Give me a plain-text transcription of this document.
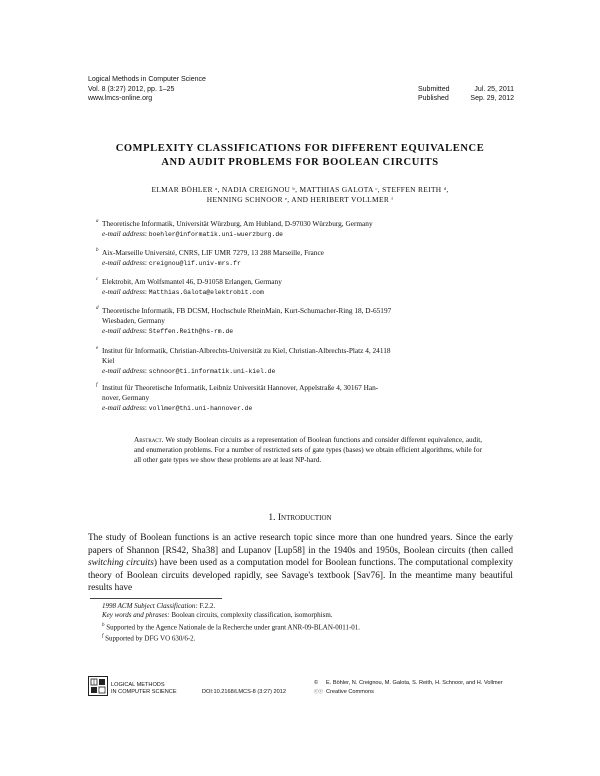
Logical Methods in Computer Science
Vol. 8 (3:27) 2012, pp. 1–25
www.lmcs-online.org
Submitted	Jul. 25, 2011
Published	Sep. 29, 2012
COMPLEXITY CLASSIFICATIONS FOR DIFFERENT EQUIVALENCE
AND AUDIT PROBLEMS FOR BOOLEAN CIRCUITS
ELMAR BÖHLER ᵃ, NADIA CREIGNOU ᵇ, MATTHIAS GALOTA ᶜ, STEFFEN REITH ᵈ,
HENNING SCHNOOR ᵉ, AND HERIBERT VOLLMER ᶠ
a Theoretische Informatik, Universität Würzburg, Am Hubland, D-97030 Würzburg, Germany
e-mail address: boehler@informatik.uni-wuerzburg.de
b Aix-Marseille Université, CNRS, LIF UMR 7279, 13 288 Marseille, France
e-mail address: creignou@lif.univ-mrs.fr
c Elektrobit, Am Wolfsmantel 46, D-91058 Erlangen, Germany
e-mail address: Matthias.Galota@elektrobit.com
d Theoretische Informatik, FB DCSM, Hochschule RheinMain, Kurt-Schumacher-Ring 18, D-65197
Wiesbaden, Germany
e-mail address: Steffen.Reith@hs-rm.de
e Institut für Informatik, Christian-Albrechts-Universität zu Kiel, Christian-Albrechts-Platz 4, 24118
Kiel
e-mail address: schnoor@ti.informatik.uni-kiel.de
f Institut für Theoretische Informatik, Leibniz Universität Hannover, Appelstraße 4, 30167 Han-
nover, Germany
e-mail address: vollmer@thi.uni-hannover.de
Abstract. We study Boolean circuits as a representation of Boolean functions and consider different equivalence, audit, and enumeration problems. For a number of restricted sets of gate types (bases) we obtain efficient algorithms, while for all other gate types we show these problems are at least NP-hard.
1. Introduction
The study of Boolean functions is an active research topic since more than one hundred years. Since the early papers of Shannon [RS42, Sha38] and Lupanov [Lup58] in the 1940s and 1950s, Boolean circuits (then called switching circuits) have been used as a computation model for Boolean functions. The computational complexity theory of Boolean circuits developed rapidly, see Savage's textbook [Sav76]. In the meantime many beautiful results have
1998 ACM Subject Classification: F.2.2.
Key words and phrases: Boolean circuits, complexity classification, isomorphism.
$^b$ Supported by the Agence Nationale de la Recherche under grant ANR-09-BLAN-0011-01.
$^f$ Supported by DFG VO 630/6-2.
LOGICAL METHODS
IN COMPUTER SCIENCE	DOI:10.2168/LMCS-8 (3:27) 2012
© E. Böhler, N. Creignou, M. Galota, S. Reith, H. Schnoor, and H. Vollmer
ⓒⓒ Creative Commons
